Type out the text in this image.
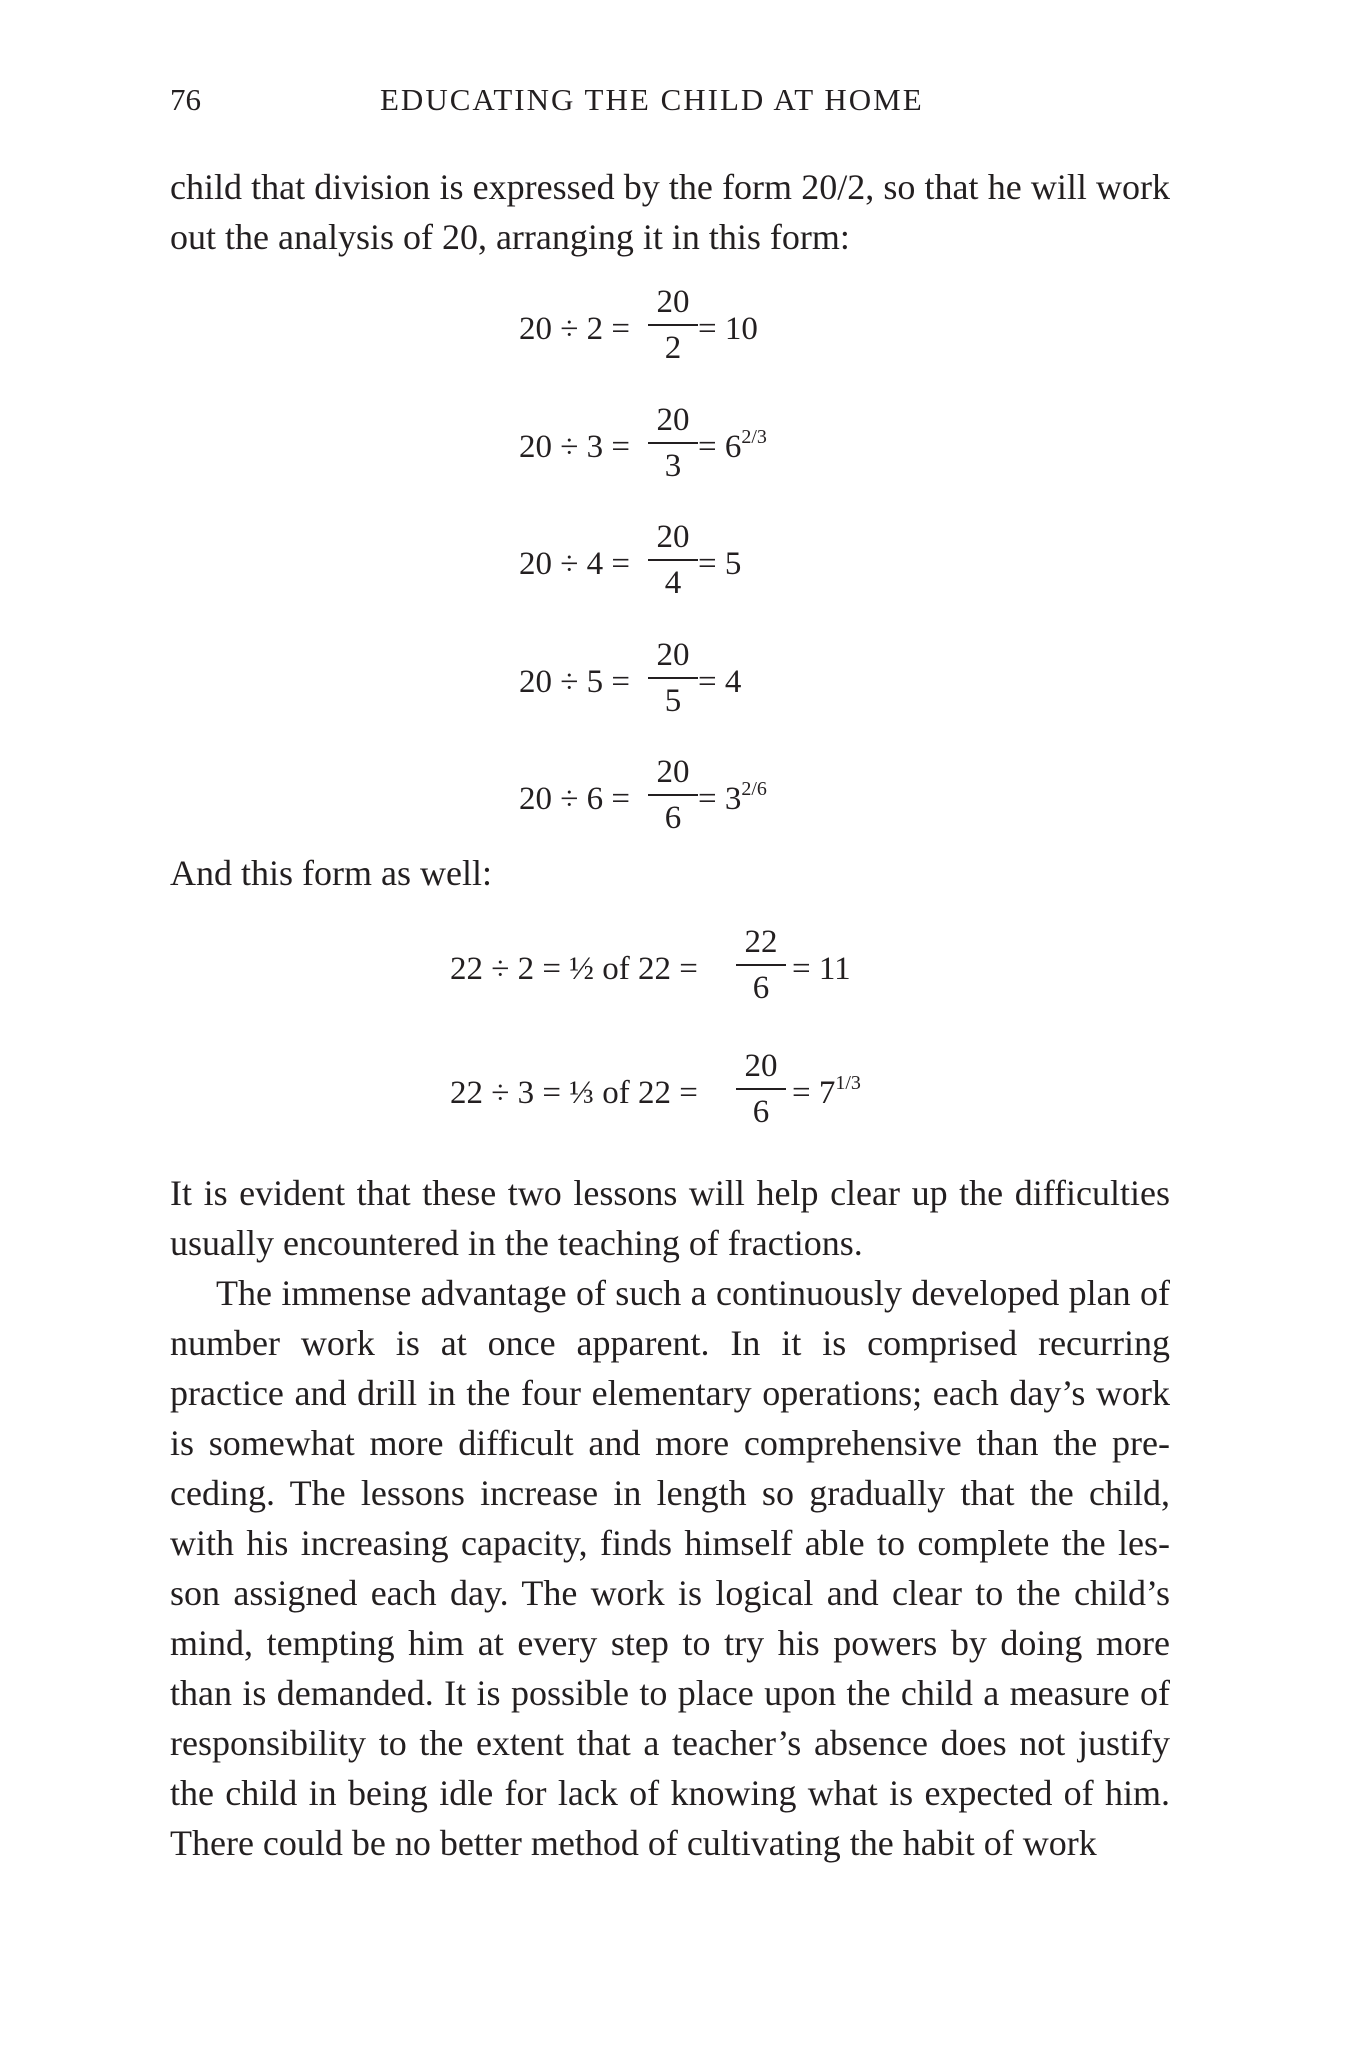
76	EDUCATING THE CHILD AT HOME

child that division is expressed by the form 20/2, so that he will work out the analysis of 20, arranging it in this form:

20 ÷ 2 =
20
2
= 10
20 ÷ 3 =
20
3
= $6^{2/3}$
20 ÷ 4 =
20
4
= 5
20 ÷ 5 =
20
5
= 4
20 ÷ 6 =
20
6
= $3^{2/6}$

And this form as well:

22 ÷ 2 = ½ of 22 =
22
6
= 11
22 ÷ 3 = ⅓ of 22 =
20
6
= $7^{1/3}$

It is evident that these two lessons will help clear up the difficulties usually encountered in the teaching of fractions.

The immense advantage of such a continuously developed plan of number work is at once apparent. In it is comprised recurring practice and drill in the four elementary operations; each day’s work is somewhat more difficult and more comprehensive than the pre-ceding. The lessons increase in length so gradually that the child, with his increasing capacity, finds himself able to complete the les-son assigned each day. The work is logical and clear to the child’s mind, tempting him at every step to try his powers by doing more than is demanded. It is possible to place upon the child a measure of responsibility to the extent that a teacher’s absence does not justify the child in being idle for lack of knowing what is expected of him. There could be no better method of cultivating the habit of work
